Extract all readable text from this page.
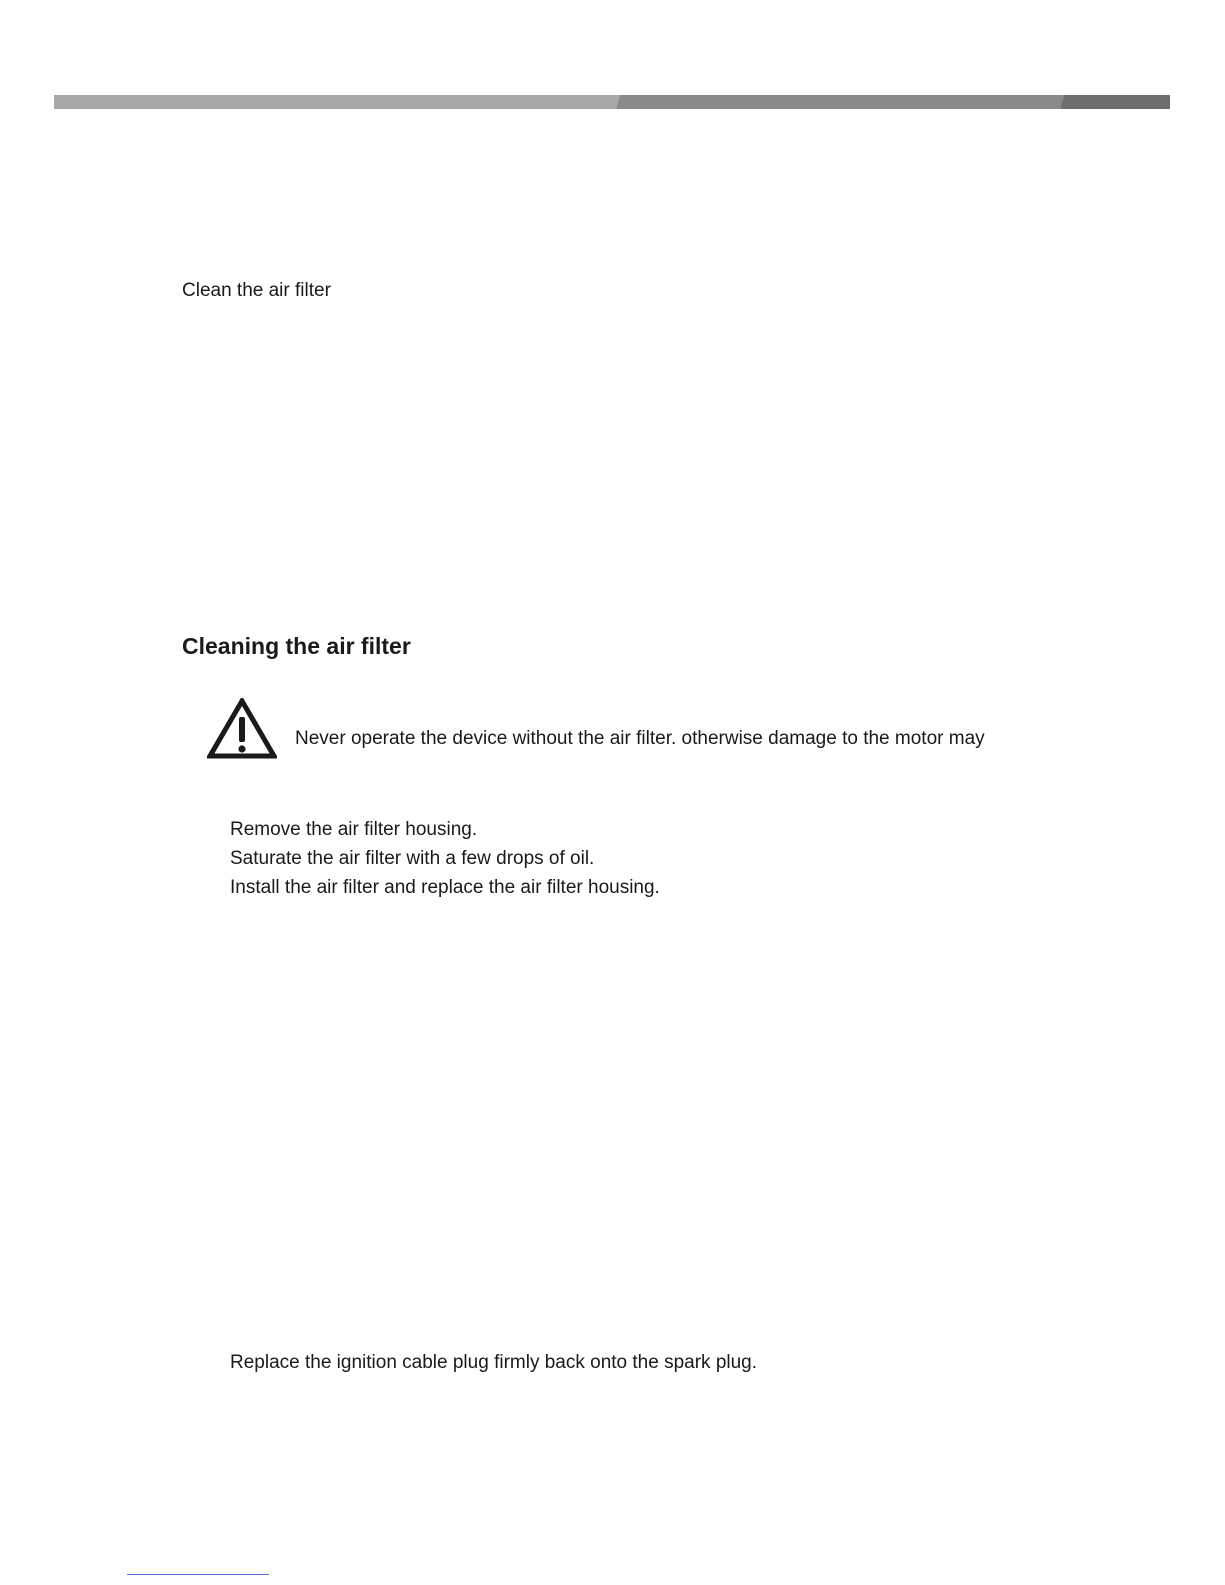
Clean the air filter
Cleaning the air filter
Never operate the device without the air filter. otherwise damage to the motor may
Remove the air filter housing.
Saturate the air filter with a few drops of oil.
Install the air filter and replace the air filter housing.
Replace the ignition cable plug firmly back onto the spark plug.
